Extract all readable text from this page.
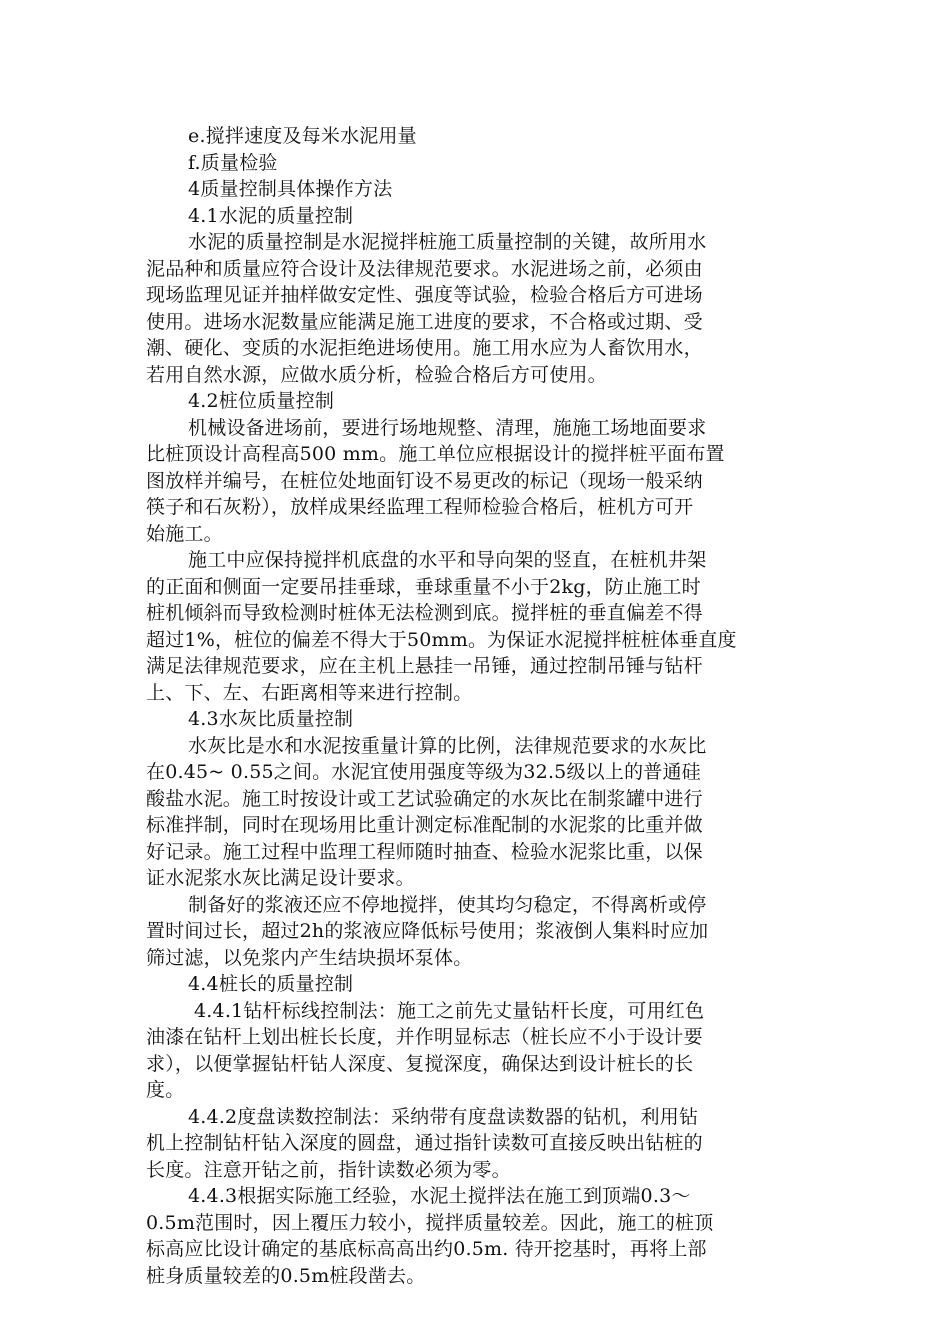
e.搅拌速度及每米水泥用量
f.质量检验
4质量控制具体操作方法
4.1水泥的质量控制
水泥的质量控制是水泥搅拌桩施工质量控制的关键，故所用水
泥品种和质量应符合设计及法律规范要求。水泥进场之前，必须由
现场监理见证并抽样做安定性、强度等试验，检验合格后方可进场
使用。进场水泥数量应能满足施工进度的要求，不合格或过期、受
潮、硬化、变质的水泥拒绝进场使用。施工用水应为人畜饮用水，
若用自然水源，应做水质分析，检验合格后方可使用。
4.2桩位质量控制
机械设备进场前，要进行场地规整、清理，施施工场地面要求
比桩顶设计高程高500 mm。施工单位应根据设计的搅拌桩平面布置
图放样并编号，在桩位处地面钉设不易更改的标记（现场一般采纳
筷子和石灰粉），放样成果经监理工程师检验合格后，桩机方可开
始施工。
施工中应保持搅拌机底盘的水平和导向架的竖直，在桩机井架
的正面和侧面一定要吊挂垂球，垂球重量不小于2kg，防止施工时
桩机倾斜而导致检测时桩体无法检测到底。搅拌桩的垂直偏差不得
超过1%，桩位的偏差不得大于50mm。为保证水泥搅拌桩桩体垂直度
满足法律规范要求，应在主机上悬挂一吊锤，通过控制吊锤与钻杆
上、下、左、右距离相等来进行控制。
4.3水灰比质量控制
水灰比是水和水泥按重量计算的比例，法律规范要求的水灰比
在0.45~ 0.55之间。水泥宜使用强度等级为32.5级以上的普通硅
酸盐水泥。施工时按设计或工艺试验确定的水灰比在制浆罐中进行
标准拌制，同时在现场用比重计测定标准配制的水泥浆的比重并做
好记录。施工过程中监理工程师随时抽查、检验水泥浆比重，以保
证水泥浆水灰比满足设计要求。
制备好的浆液还应不停地搅拌，使其均匀稳定，不得离析或停
置时间过长，超过2h的浆液应降低标号使用；浆液倒人集料时应加
筛过滤，以免浆内产生结块损坏泵体。
4.4桩长的质量控制
4.4.1钻杆标线控制法：施工之前先丈量钻杆长度，可用红色
油漆在钻杆上划出桩长长度，并作明显标志（桩长应不小于设计要
求），以便掌握钻杆钻人深度、复搅深度，确保达到设计桩长的长
度。
4.4.2度盘读数控制法：采纳带有度盘读数器的钻机，利用钻
机上控制钻杆钻入深度的圆盘，通过指针读数可直接反映出钻桩的
长度。注意开钻之前，指针读数必须为零。
4.4.3根据实际施工经验，水泥土搅拌法在施工到顶端0.3～
0.5m范围时，因上覆压力较小，搅拌质量较差。因此，施工的桩顶
标高应比设计确定的基底标高高出约0.5m. 待开挖基时，再将上部
桩身质量较差的0.5m桩段凿去。
